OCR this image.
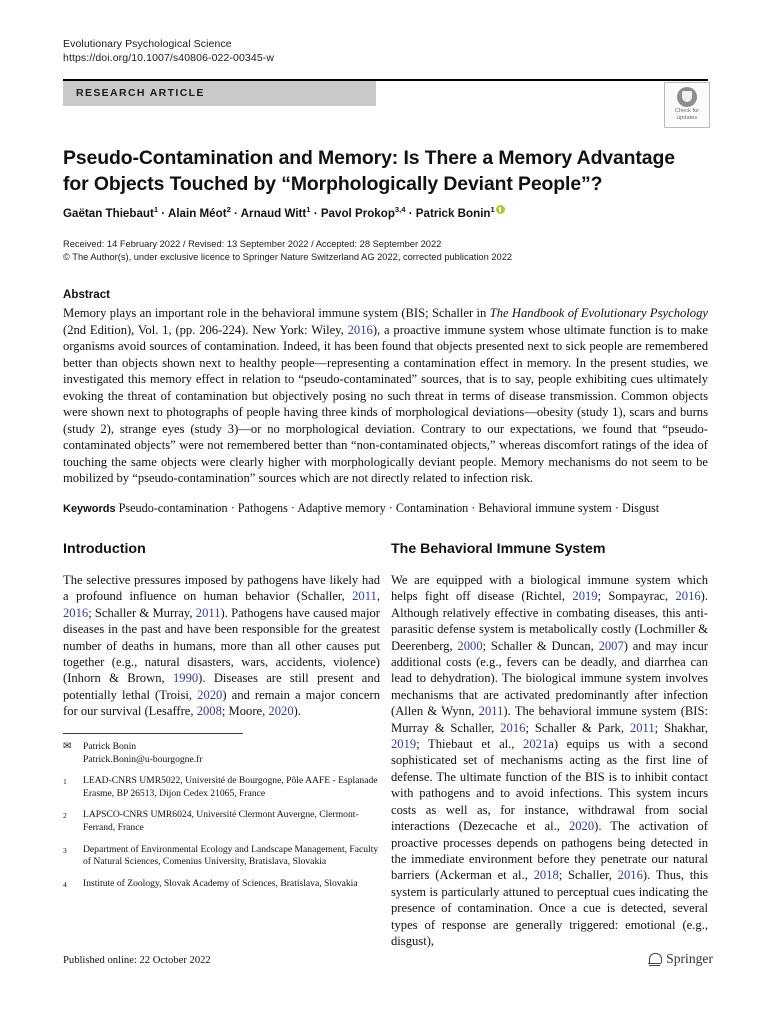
Evolutionary Psychological Science
https://doi.org/10.1007/s40806-022-00345-w
RESEARCH ARTICLE
Check for updates
Pseudo-Contamination and Memory: Is There a Memory Advantage for Objects Touched by “Morphologically Deviant People”?
Gaëtan Thiebaut$^1$ · Alain Méot$^2$ · Arnaud Witt$^1$ · Pavol Prokop$^{3,4}$ · Patrick Bonin$^1$
Received: 14 February 2022 / Revised: 13 September 2022 / Accepted: 28 September 2022
© The Author(s), under exclusive licence to Springer Nature Switzerland AG 2022, corrected publication 2022
Abstract
Memory plays an important role in the behavioral immune system (BIS; Schaller in The Handbook of Evolutionary Psychology (2nd Edition), Vol. 1, (pp. 206-224). New York: Wiley, 2016), a proactive immune system whose ultimate function is to make organisms avoid sources of contamination. Indeed, it has been found that objects presented next to sick people are remembered better than objects shown next to healthy people—representing a contamination effect in memory. In the present studies, we investigated this memory effect in relation to “pseudo-contaminated” sources, that is to say, people exhibiting cues ultimately evoking the threat of contamination but objectively posing no such threat in terms of disease transmission. Common objects were shown next to photographs of people having three kinds of morphological deviations—obesity (study 1), scars and burns (study 2), strange eyes (study 3)—or no morphological deviation. Contrary to our expectations, we found that “pseudo-contaminated objects” were not remembered better than “non-contaminated objects,” whereas discomfort ratings of the idea of touching the same objects were clearly higher with morphologically deviant people. Memory mechanisms do not seem to be mobilized by “pseudo-contamination” sources which are not directly related to infection risk.
Keywords Pseudo-contamination · Pathogens · Adaptive memory · Contamination · Behavioral immune system · Disgust
Introduction

The selective pressures imposed by pathogens have likely had a profound influence on human behavior (Schaller, 2011, 2016; Schaller & Murray, 2011). Pathogens have caused major diseases in the past and have been responsible for the greatest number of deaths in humans, more than all other causes put together (e.g., natural disasters, wars, accidents, violence) (Inhorn & Brown, 1990). Diseases are still present and potentially lethal (Troisi, 2020) and remain a major concern for our survival (Lesaffre, 2008; Moore, 2020).

The Behavioral Immune System

We are equipped with a biological immune system which helps fight off disease (Richtel, 2019; Sompayrac, 2016). Although relatively effective in combating diseases, this anti-parasitic defense system is metabolically costly (Lochmiller & Deerenberg, 2000; Schaller & Duncan, 2007) and may incur additional costs (e.g., fevers can be deadly, and diarrhea can lead to dehydration). The biological immune system involves mechanisms that are activated predominantly after infection (Allen & Wynn, 2011). The behavioral immune system (BIS: Murray & Schaller, 2016; Schaller & Park, 2011; Shakhar, 2019; Thiebaut et al., 2021a) equips us with a second sophisticated set of mechanisms acting as the first line of defense. The ultimate function of the BIS is to inhibit contact with pathogens and to avoid infections. This system incurs costs as well as, for instance, withdrawal from social interactions (Dezecache et al., 2020). The activation of proactive processes depends on pathogens being detected in the immediate environment before they penetrate our natural barriers (Ackerman et al., 2018; Schaller, 2016). Thus, this system is particularly attuned to perceptual cues indicating the presence of contamination. Once a cue is detected, several types of response are generally triggered: emotional (e.g., disgust),

✉	Patrick Bonin
Patrick.Bonin@u-bourgogne.fr
1	LEAD-CNRS UMR5022, Université de Bourgogne, Pôle AAFE - Esplanade Erasme, BP 26513, Dijon Cedex 21065, France
2	LAPSCO-CNRS UMR6024, Université Clermont Auvergne, Clermont-Ferrand, France
3	Department of Environmental Ecology and Landscape Management, Faculty of Natural Sciences, Comenius University, Bratislava, Slovakia
4	Institute of Zoology, Slovak Academy of Sciences, Bratislava, Slovakia
Published online: 22 October 2022	Springer
